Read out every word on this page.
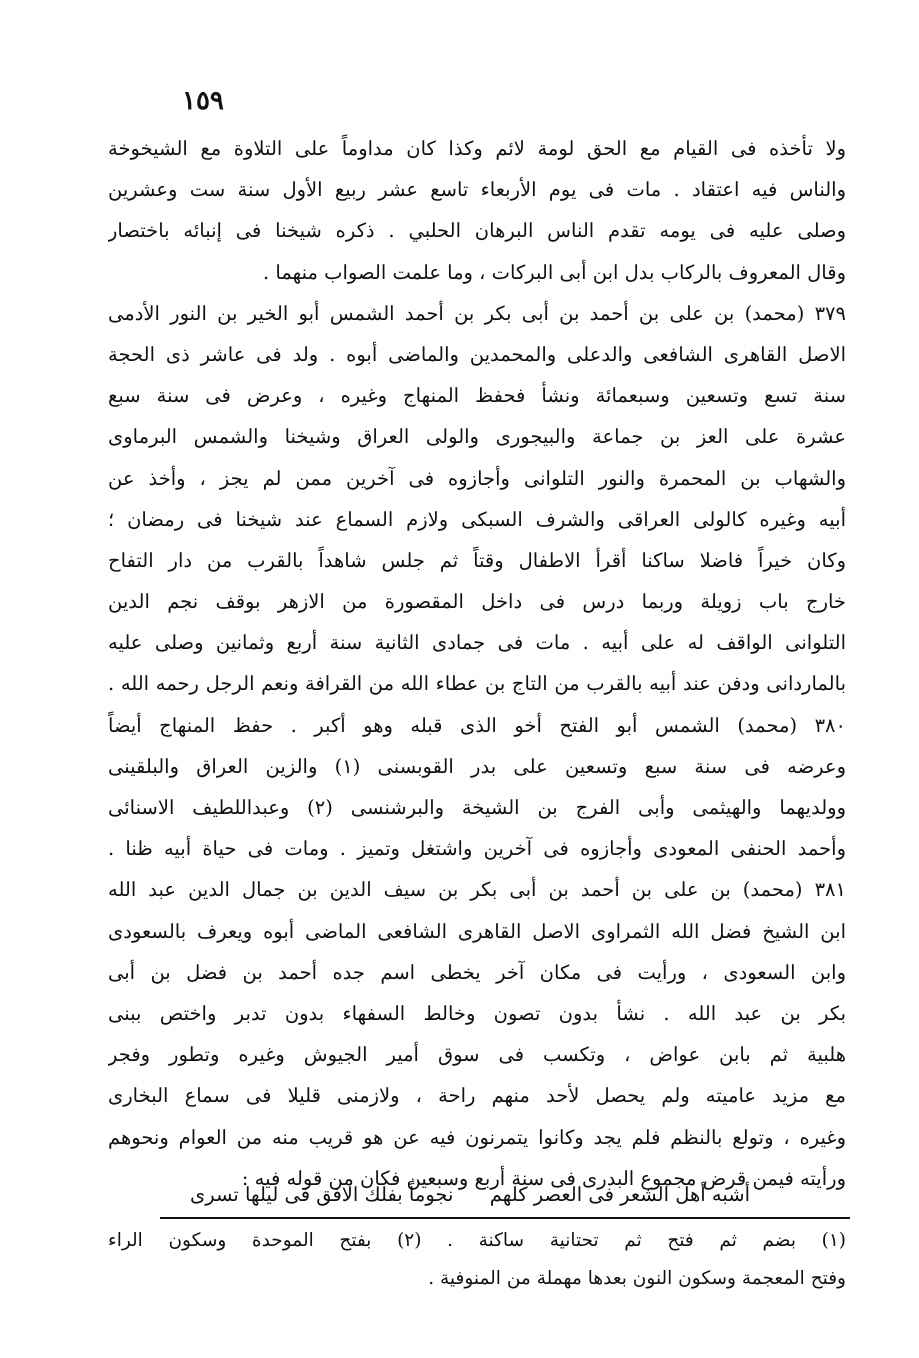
١٥٩
ولا تأخذه فى القيام مع الحق لومة لائم وكذا كان مداوماً على التلاوة مع الشيخوخة
والناس فيه اعتقاد . مات فى يوم الأربعاء تاسع عشر ربيع الأول سنة ست وعشرين
وصلى عليه فى يومه تقدم الناس البرهان الحلبي . ذكره شيخنا فى إنبائه باختصار
وقال المعروف بالركاب بدل ابن أبى البركات ، وما علمت الصواب منهما .
٣٧٩ (محمد) بن على بن أحمد بن أبى بكر بن أحمد الشمس أبو الخير بن النور الأدمى
الاصل القاهرى الشافعى والدعلى والمحمدين والماضى أبوه . ولد فى عاشر ذى الحجة
سنة تسع وتسعين وسبعمائة ونشأ فحفظ المنهاج وغيره ، وعرض فى سنة سبع
عشرة على العز بن جماعة والبيجورى والولى العراق وشيخنا والشمس البرماوى
والشهاب بن المحمرة والنور التلوانى وأجازوه فى آخرين ممن لم يجز ، وأخذ عن
أبيه وغيره كالولى العراقى والشرف السبكى ولازم السماع عند شيخنا فى رمضان ؛
وكان خيراً فاضلا ساكنا أقرأ الاطفال وقتاً ثم جلس شاهداً بالقرب من دار التفاح
خارج باب زويلة وربما درس فى داخل المقصورة من الازهر بوقف نجم الدين
التلوانى الواقف له على أبيه . مات فى جمادى الثانية سنة أربع وثمانين وصلى عليه
بالماردانى ودفن عند أبيه بالقرب من التاج بن عطاء الله من القرافة ونعم الرجل رحمه الله .
٣٨٠ (محمد) الشمس أبو الفتح أخو الذى قبله وهو أكبر . حفظ المنهاج أيضاً
وعرضه فى سنة سبع وتسعين على بدر القوبسنى (١) والزين العراق والبلقينى
وولديهما والهيثمى وأبى الفرج بن الشيخة والبرشنسى (٢) وعبداللطيف الاسنائى
وأحمد الحنفى المعودى وأجازوه فى آخرين واشتغل وتميز . ومات فى حياة أبيه ظنا .
٣٨١ (محمد) بن على بن أحمد بن أبى بكر بن سيف الدين بن جمال الدين عبد الله
ابن الشيخ فضل الله الثمراوى الاصل القاهرى الشافعى الماضى أبوه ويعرف بالسعودى
وابن السعودى ، ورأيت فى مكان آخر يخطى اسم جده أحمد بن فضل بن أبى
بكر بن عبد الله . نشأ بدون تصون وخالط السفهاء بدون تدبر واختص ببنى
هلبية ثم بابن عواض ، وتكسب فى سوق أمير الجيوش وغيره وتطور وفجر
مع مزيد عاميته ولم يحصل لأحد منهم راحة ، ولازمنى قليلا فى سماع البخارى
وغيره ، وتولع بالنظم فلم يجد وكانوا يتمرنون فيه عن هو قريب منه من العوام ونحوهم
ورأيته فيمن قرض مجموع البدرى فى سنة أربع وسبعين فكان من قوله فيه :
أشبه أهل الشعر فى العصر كلهم
نجوماً بفلك الافق فى ليلها تسرى
(١) بضم ثم فتح ثم تحتانية ساكنة . (٢) بفتح الموحدة وسكون الراء
وفتح المعجمة وسكون النون بعدها مهملة من المنوفية .
